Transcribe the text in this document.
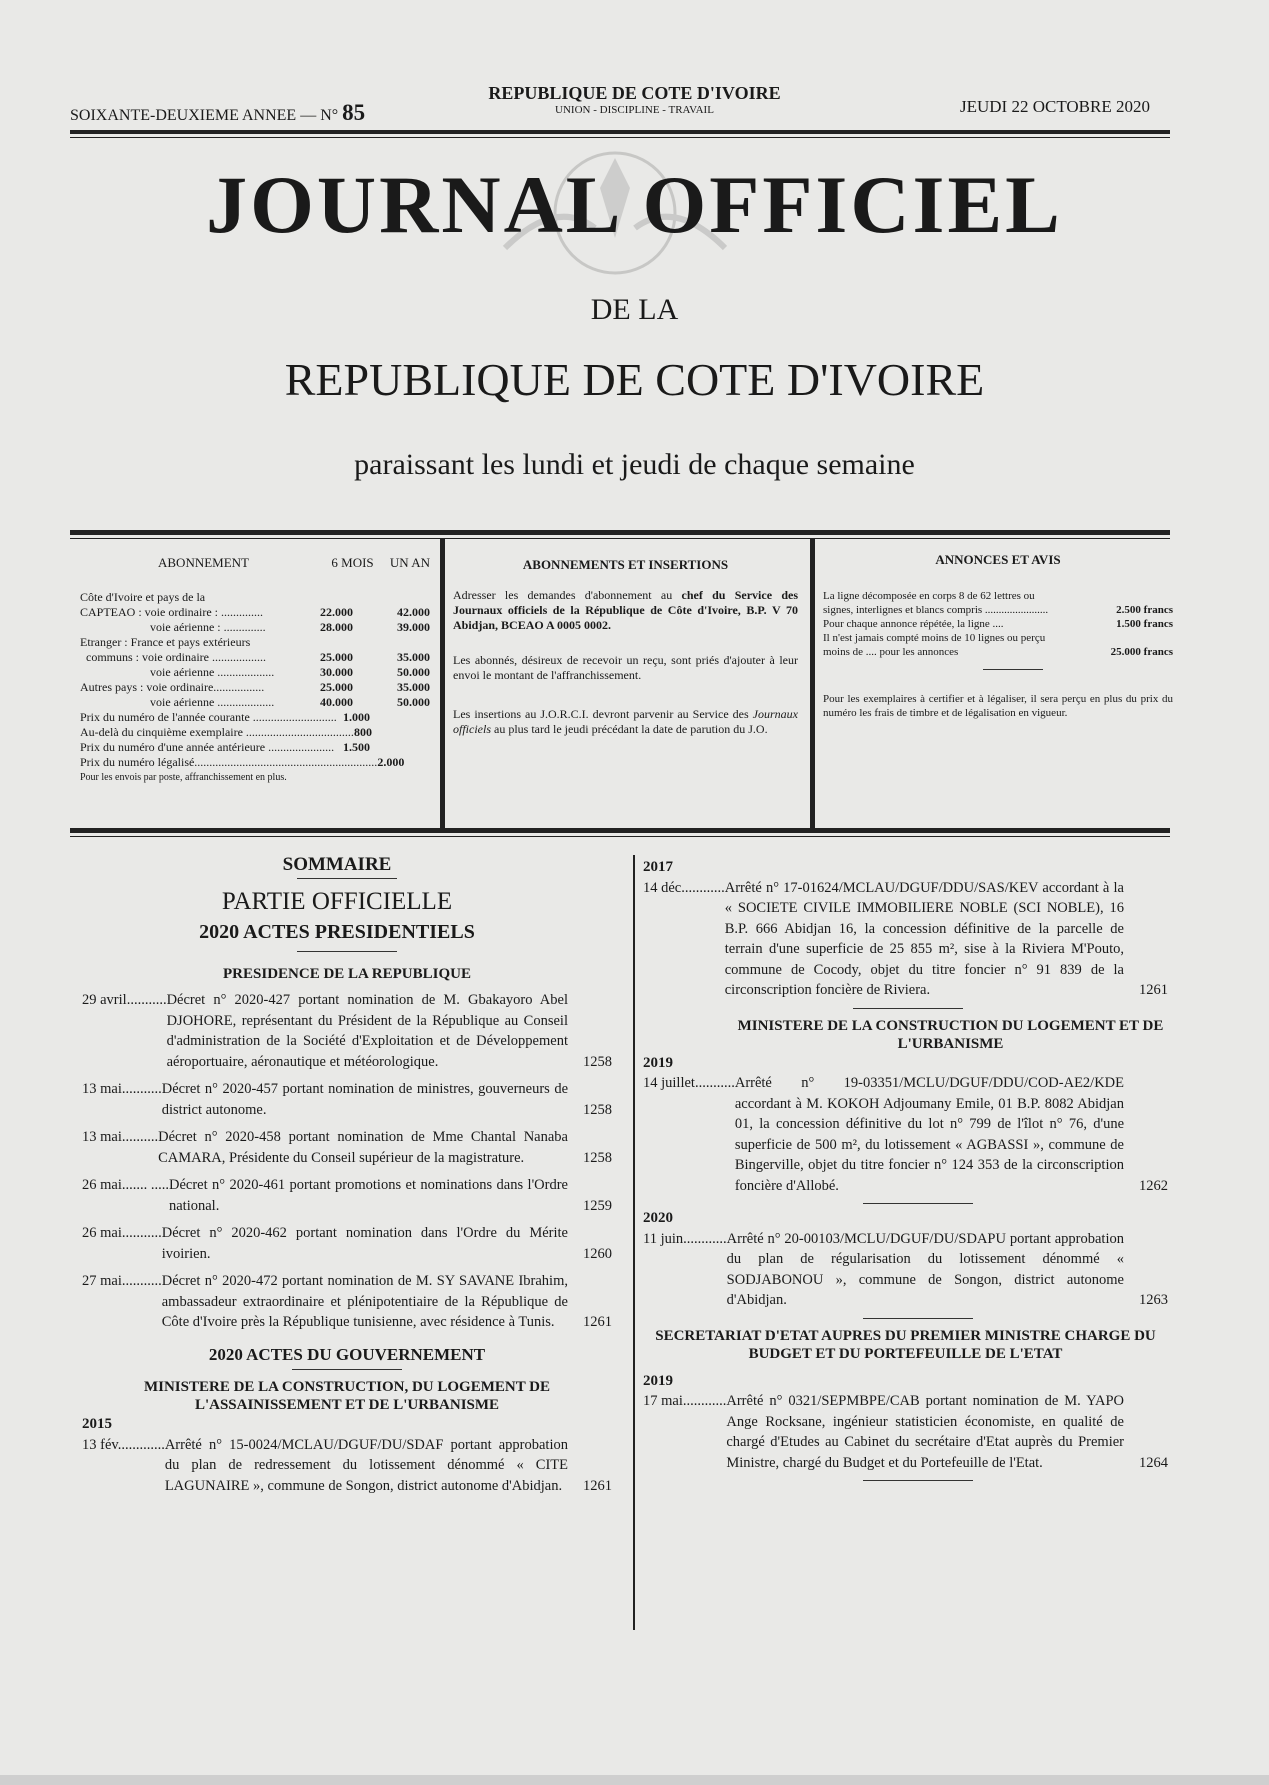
SOIXANTE-DEUXIEME ANNEE — N° 85
REPUBLIQUE DE COTE D'IVOIRE
UNION - DISCIPLINE - TRAVAIL	JEUDI 22 OCTOBRE 2020
JOURNAL OFFICIEL
DE LA
REPUBLIQUE DE COTE D'IVOIRE
paraissant les lundi et jeudi de chaque semaine
ABONNEMENT	6 MOIS UN AN
Côte d'Ivoire et pays de la
CAPTEAO : voie ordinaire : ..............	22.000	42.000
voie aérienne : ..............	28.000	39.000
Etranger : France et pays extérieurs
communs : voie ordinaire ..................	25.000	35.000
voie aérienne ...................	30.000	50.000
Autres pays : voie ordinaire.................	25.000	35.000
voie aérienne ...................	40.000	50.000
Prix du numéro de l'année courante ............................ 1.000
Au-delà du cinquième exemplaire .................................... 800
Prix du numéro d'une année antérieure ...................... 1.500
Prix du numéro légalisé............................................................. 2.000
Pour les envois par poste, affranchissement en plus.
ABONNEMENTS ET INSERTIONS
Adresser les demandes d'abonnement au chef du Service des Journaux officiels de la République de Côte d'Ivoire, B.P. V 70 Abidjan, BCEAO A 0005 0002.
Les abonnés, désireux de recevoir un reçu, sont priés d'ajouter à leur envoi le montant de l'affranchissement.
Les insertions au J.O.R.C.I. devront parvenir au Service des Journaux officiels au plus tard le jeudi précédant la date de parution du J.O.
ANNONCES ET AVIS
La ligne décomposée en corps 8 de 62 lettres ou signes, interlignes et blancs compris .......................	2.500 francs
Pour chaque annonce répétée, la ligne ....	1.500 francs
Il n'est jamais compté moins de 10 lignes ou perçu moins de .... pour les annonces	25.000 francs
Pour les exemplaires à certifier et à légaliser, il sera perçu en plus du prix du numéro les frais de timbre et de légalisation en vigueur.
SOMMAIRE
PARTIE OFFICIELLE
2020 ACTES PRESIDENTIELS
PRESIDENCE DE LA REPUBLIQUE
29 avril........... Décret n° 2020-427 portant nomination de M. Gbakayoro Abel DJOHORE, représentant du Président de la République au Conseil d'administration de la Société d'Exploitation et de Développement aéroportuaire, aéronautique et météorologique.	1258
13 mai........... Décret n° 2020-457 portant nomination de ministres, gouverneurs de district autonome.	1258
13 mai.......... Décret n° 2020-458 portant nomination de Mme Chantal Nanaba CAMARA, Présidente du Conseil supérieur de la magistrature.	1258
26 mai....... ..... Décret n° 2020-461 portant promotions et nominations dans l'Ordre national.	1259
26 mai........... Décret n° 2020-462 portant nomination dans l'Ordre du Mérite ivoirien.	1260
27 mai........... Décret n° 2020-472 portant nomination de M. SY SAVANE Ibrahim, ambassadeur extraordinaire et plénipotentiaire de la République de Côte d'Ivoire près la République tunisienne, avec résidence à Tunis.	1261
2020 ACTES DU GOUVERNEMENT
MINISTERE DE LA CONSTRUCTION, DU LOGEMENT DE L'ASSAINISSEMENT ET DE L'URBANISME
2015
13 fév............. Arrêté n° 15-0024/MCLAU/DGUF/DU/SDAF portant approbation du plan de redressement du lotissement dénommé « CITE LAGUNAIRE », commune de Songon, district autonome d'Abidjan.	1261
2017
14 déc............ Arrêté n° 17-01624/MCLAU/DGUF/DDU/SAS/KEV accordant à la « SOCIETE CIVILE IMMOBILIERE NOBLE (SCI NOBLE), 16 B.P. 666 Abidjan 16, la concession définitive de la parcelle de terrain d'une superficie de 25 855 m², sise à la Riviera M'Pouto, commune de Cocody, objet du titre foncier n° 91 839 de la circonscription foncière de Riviera.	1261
MINISTERE DE LA CONSTRUCTION DU LOGEMENT ET DE L'URBANISME
2019
14 juillet........... Arrêté n° 19-03351/MCLU/DGUF/DDU/COD-AE2/KDE accordant à M. KOKOH Adjoumany Emile, 01 B.P. 8082 Abidjan 01, la concession définitive du lot n° 799 de l'îlot n° 76, d'une superficie de 500 m², du lotissement « AGBASSI », commune de Bingerville, objet du titre foncier n° 124 353 de la circonscription foncière d'Allobé.	1262
2020
11 juin............ Arrêté n° 20-00103/MCLU/DGUF/DU/SDAPU portant approbation du plan de régularisation du lotissement dénommé « SODJABONOU », commune de Songon, district autonome d'Abidjan.	1263
SECRETARIAT D'ETAT AUPRES DU PREMIER MINISTRE CHARGE DU BUDGET ET DU PORTEFEUILLE DE L'ETAT
2019
17 mai............ Arrêté n° 0321/SEPMBPE/CAB portant nomination de M. YAPO Ange Rocksane, ingénieur statisticien économiste, en qualité de chargé d'Etudes au Cabinet du secrétaire d'Etat auprès du Premier Ministre, chargé du Budget et du Portefeuille de l'Etat.	1264
